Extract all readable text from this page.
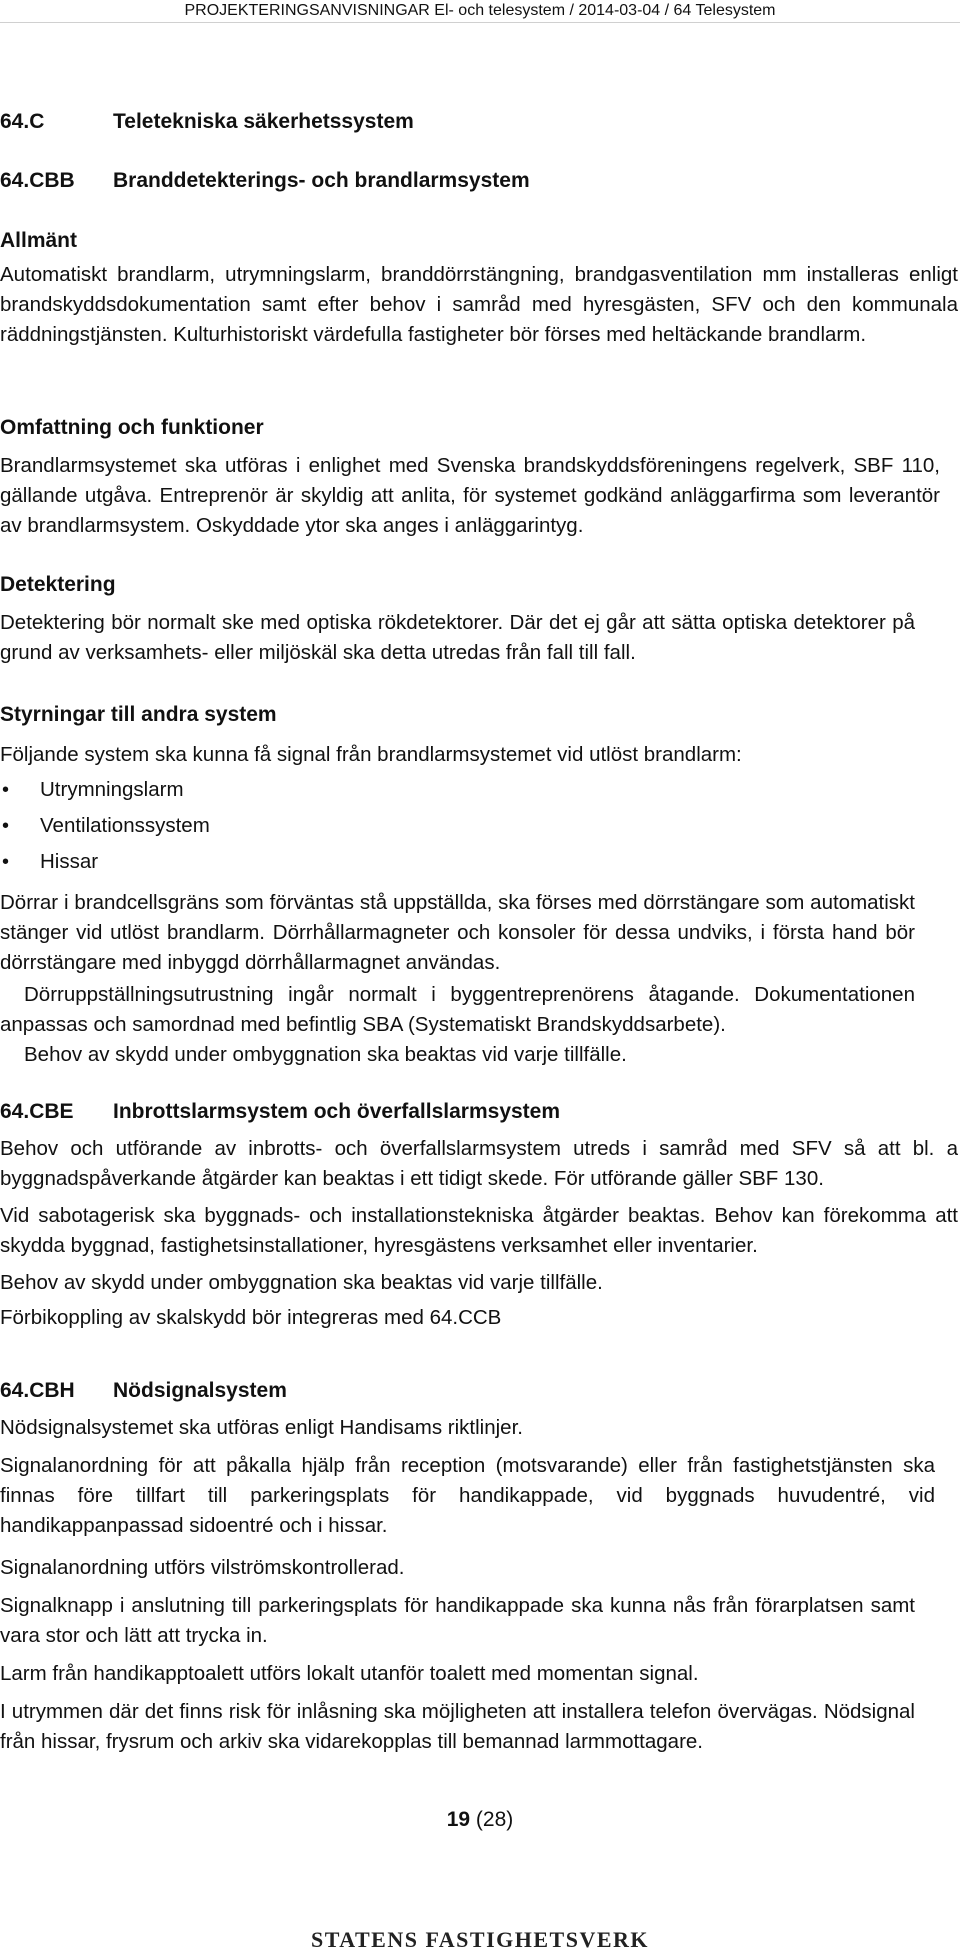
PROJEKTERINGSANVISNINGAR El- och telesystem / 2014-03-04 / 64 Telesystem
64.C	Teletekniska säkerhetssystem
64.CBB Branddetekterings- och brandlarmsystem
Allmänt

Automatiskt brandlarm, utrymningslarm, branddörrstängning, brandgasventilation mm installeras enligt brandskyddsdokumentation samt efter behov i samråd med hyresgästen, SFV och den kommunala räddningstjänsten. Kulturhistoriskt värdefulla fastigheter bör förses med heltäckande brandlarm.

Omfattning och funktioner

Brandlarmsystemet ska utföras i enlighet med Svenska brandskyddsföreningens regelverk, SBF 110, gällande utgåva. Entreprenör är skyldig att anlita, för systemet godkänd anläggarfirma som leverantör av brandlarmsystem. Oskyddade ytor ska anges i anläggarintyg.

Detektering

Detektering bör normalt ske med optiska rökdetektorer. Där det ej går att sätta optiska detektorer på grund av verksamhets- eller miljöskäl ska detta utredas från fall till fall.

Styrningar till andra system

Följande system ska kunna få signal från brandlarmsystemet vid utlöst brandlarm:

• Utrymningslarm
• Ventilationssystem
• Hissar

Dörrar i brandcellsgräns som förväntas stå uppställda, ska förses med dörrstängare som automatiskt stänger vid utlöst brandlarm. Dörrhållarmagneter och konsoler för dessa undviks, i första hand bör dörrstängare med inbyggd dörrhållarmagnet användas.

Dörruppställningsutrustning ingår normalt i byggentreprenörens åtagande. Dokumentationen anpassas och samordnad med befintlig SBA (Systematiskt Brandskyddsarbete).

Behov av skydd under ombyggnation ska beaktas vid varje tillfälle.

64.CBE Inbrottslarmsystem och överfallslarmsystem

Behov och utförande av inbrotts- och överfallslarmsystem utreds i samråd med SFV så att bl. a byggnadspåverkande åtgärder kan beaktas i ett tidigt skede. För utförande gäller SBF 130.

Vid sabotagerisk ska byggnads- och installationstekniska åtgärder beaktas. Behov kan förekomma att skydda byggnad, fastighetsinstallationer, hyresgästens verksamhet eller inventarier.

Behov av skydd under ombyggnation ska beaktas vid varje tillfälle.

Förbikoppling av skalskydd bör integreras med 64.CCB

64.CBH Nödsignalsystem

Nödsignalsystemet ska utföras enligt Handisams riktlinjer.

Signalanordning för att påkalla hjälp från reception (motsvarande) eller från fastighetstjänsten ska finnas före tillfart till parkeringsplats för handikappade, vid byggnads huvudentré, vid handikappanpassad sidoentré och i hissar.

Signalanordning utförs vilströmskontrollerad.

Signalknapp i anslutning till parkeringsplats för handikappade ska kunna nås från förarplatsen samt vara stor och lätt att trycka in.

Larm från handikapptoalett utförs lokalt utanför toalett med momentan signal.

I utrymmen där det finns risk för inlåsning ska möjligheten att installera telefon övervägas. Nödsignal från hissar, frysrum och arkiv ska vidarekopplas till bemannad larmmottagare.

19 (28)
STATENS FASTIGHETSVERK
